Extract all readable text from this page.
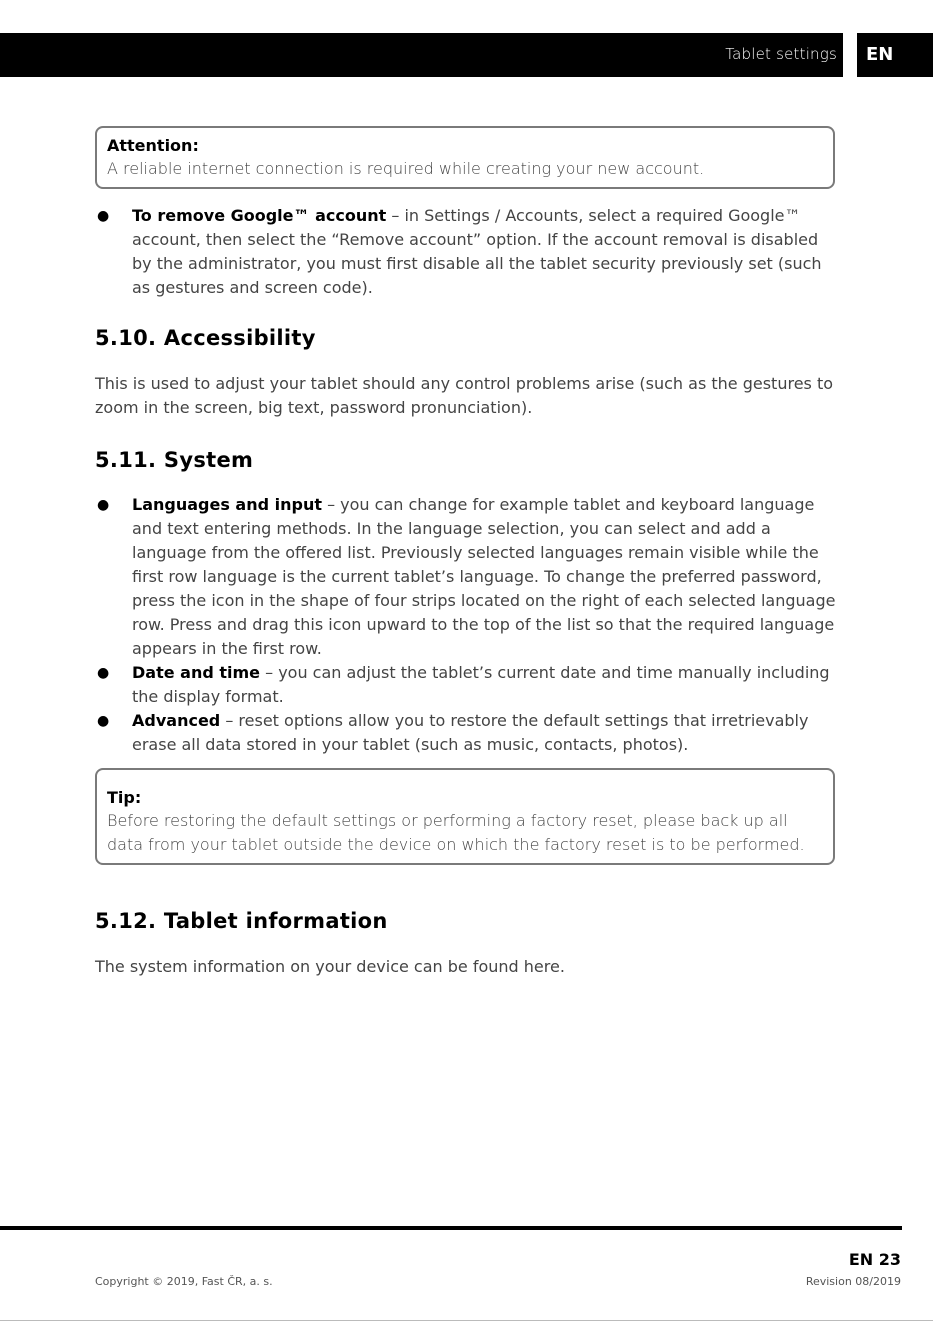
Tablet settings EN
Attention:
A reliable internet connection is required while creating your new account.
● To remove Google™ account – in Settings / Accounts, select a required Google™ account, then select the “Remove account” option. If the account removal is disabled by the administrator, you must first disable all the tablet security previously set (such as gestures and screen code).
5.10. Accessibility
This is used to adjust your tablet should any control problems arise (such as the gestures to zoom in the screen, big text, password pronunciation).
5.11. System
● Languages and input – you can change for example tablet and keyboard language and text entering methods. In the language selection, you can select and add a language from the offered list. Previously selected languages remain visible while the first row language is the current tablet’s language. To change the preferred password, press the icon in the shape of four strips located on the right of each selected language row. Press and drag this icon upward to the top of the list so that the required language appears in the first row.
● Date and time – you can adjust the tablet’s current date and time manually including the display format.
● Advanced – reset options allow you to restore the default settings that irretrievably erase all data stored in your tablet (such as music, contacts, photos).
Tip:
Before restoring the default settings or performing a factory reset, please back up all data from your tablet outside the device on which the factory reset is to be performed.
5.12. Tablet information
The system information on your device can be found here.
EN 23
Copyright © 2019, Fast ČR, a. s.	Revision 08/2019
